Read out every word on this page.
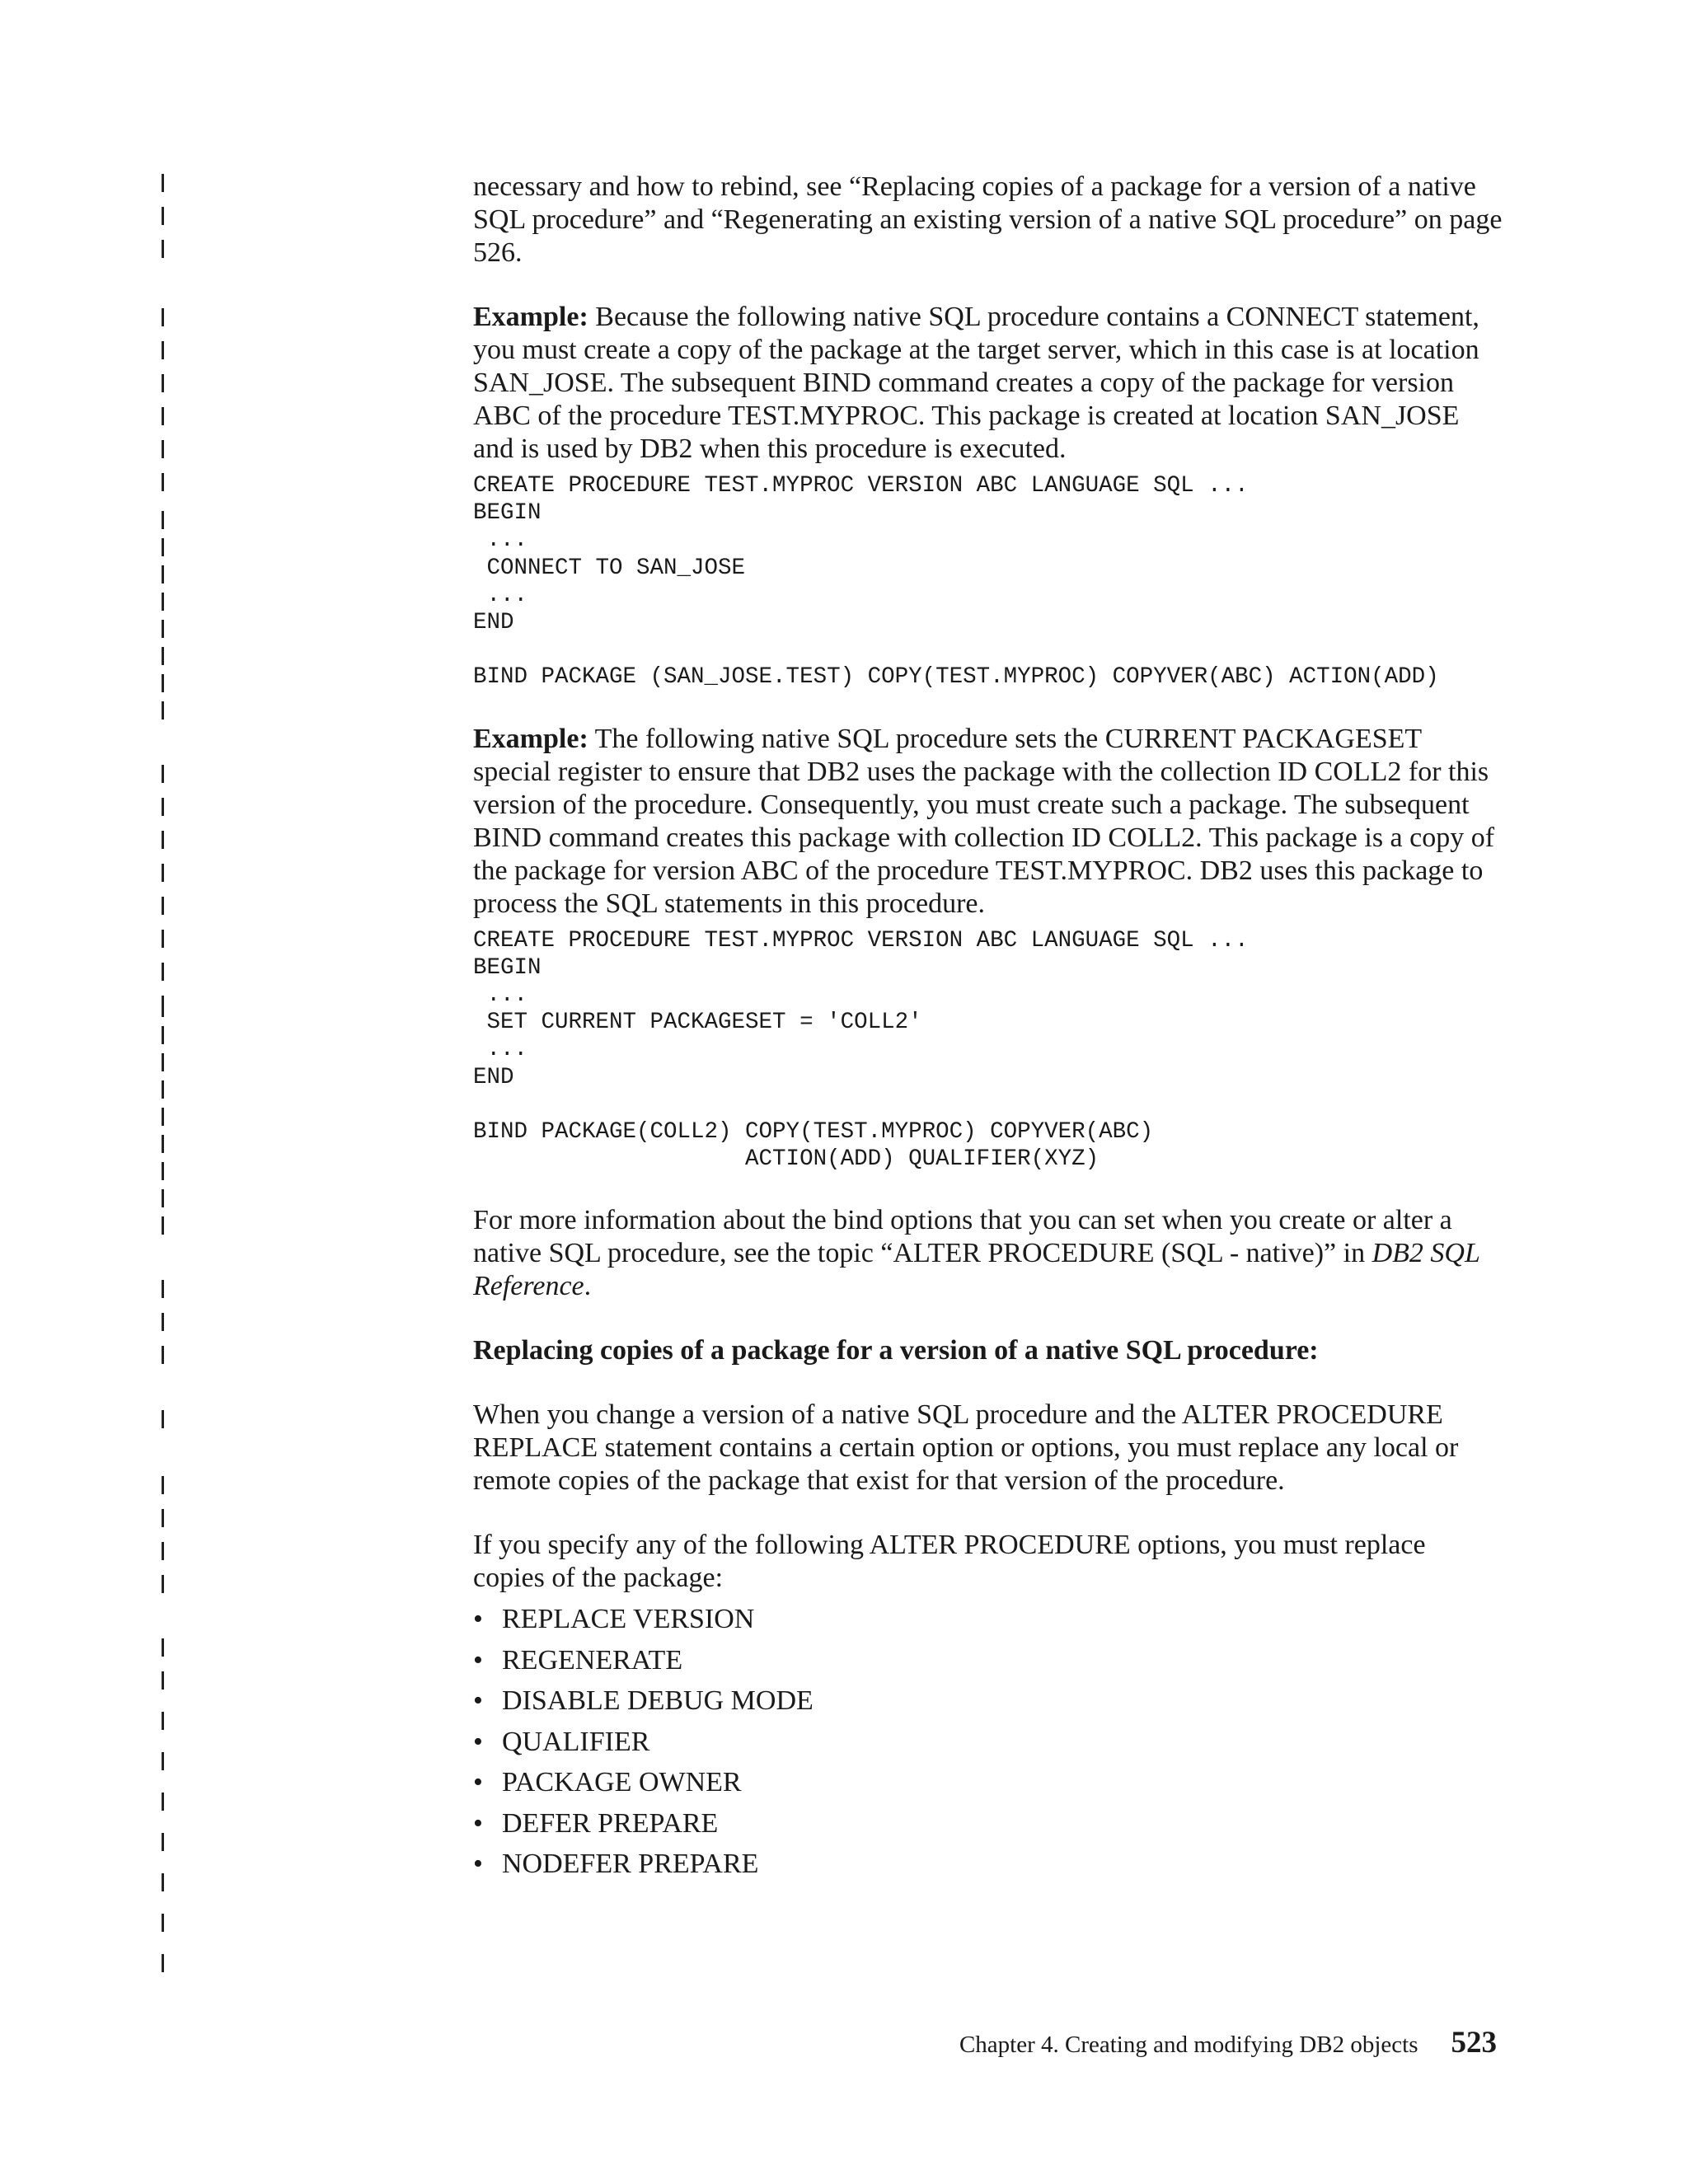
necessary and how to rebind, see “Replacing copies of a package for a version of a native SQL procedure” and “Regenerating an existing version of a native SQL procedure” on page 526.

Example: Because the following native SQL procedure contains a CONNECT statement, you must create a copy of the package at the target server, which in this case is at location SAN_JOSE. The subsequent BIND command creates a copy of the package for version ABC of the procedure TEST.MYPROC. This package is created at location SAN_JOSE and is used by DB2 when this procedure is executed.

CREATE PROCEDURE TEST.MYPROC VERSION ABC LANGUAGE SQL ...
BEGIN
...
CONNECT TO SAN_JOSE
...
END

BIND PACKAGE (SAN_JOSE.TEST) COPY(TEST.MYPROC) COPYVER(ABC) ACTION(ADD)

Example: The following native SQL procedure sets the CURRENT PACKAGESET special register to ensure that DB2 uses the package with the collection ID COLL2 for this version of the procedure. Consequently, you must create such a package. The subsequent BIND command creates this package with collection ID COLL2. This package is a copy of the package for version ABC of the procedure TEST.MYPROC. DB2 uses this package to process the SQL statements in this procedure.

CREATE PROCEDURE TEST.MYPROC VERSION ABC LANGUAGE SQL ...
BEGIN
...
SET CURRENT PACKAGESET = 'COLL2'
...
END

BIND PACKAGE(COLL2) COPY(TEST.MYPROC) COPYVER(ABC)
ACTION(ADD) QUALIFIER(XYZ)

For more information about the bind options that you can set when you create or alter a native SQL procedure, see the topic “ALTER PROCEDURE (SQL - native)” in DB2 SQL Reference.

Replacing copies of a package for a version of a native SQL procedure:

When you change a version of a native SQL procedure and the ALTER PROCEDURE REPLACE statement contains a certain option or options, you must replace any local or remote copies of the package that exist for that version of the procedure.

If you specify any of the following ALTER PROCEDURE options, you must replace copies of the package:

• REPLACE VERSION
• REGENERATE
• DISABLE DEBUG MODE
• QUALIFIER
• PACKAGE OWNER
• DEFER PREPARE
• NODEFER PREPARE
Chapter 4. Creating and modifying DB2 objects 523
